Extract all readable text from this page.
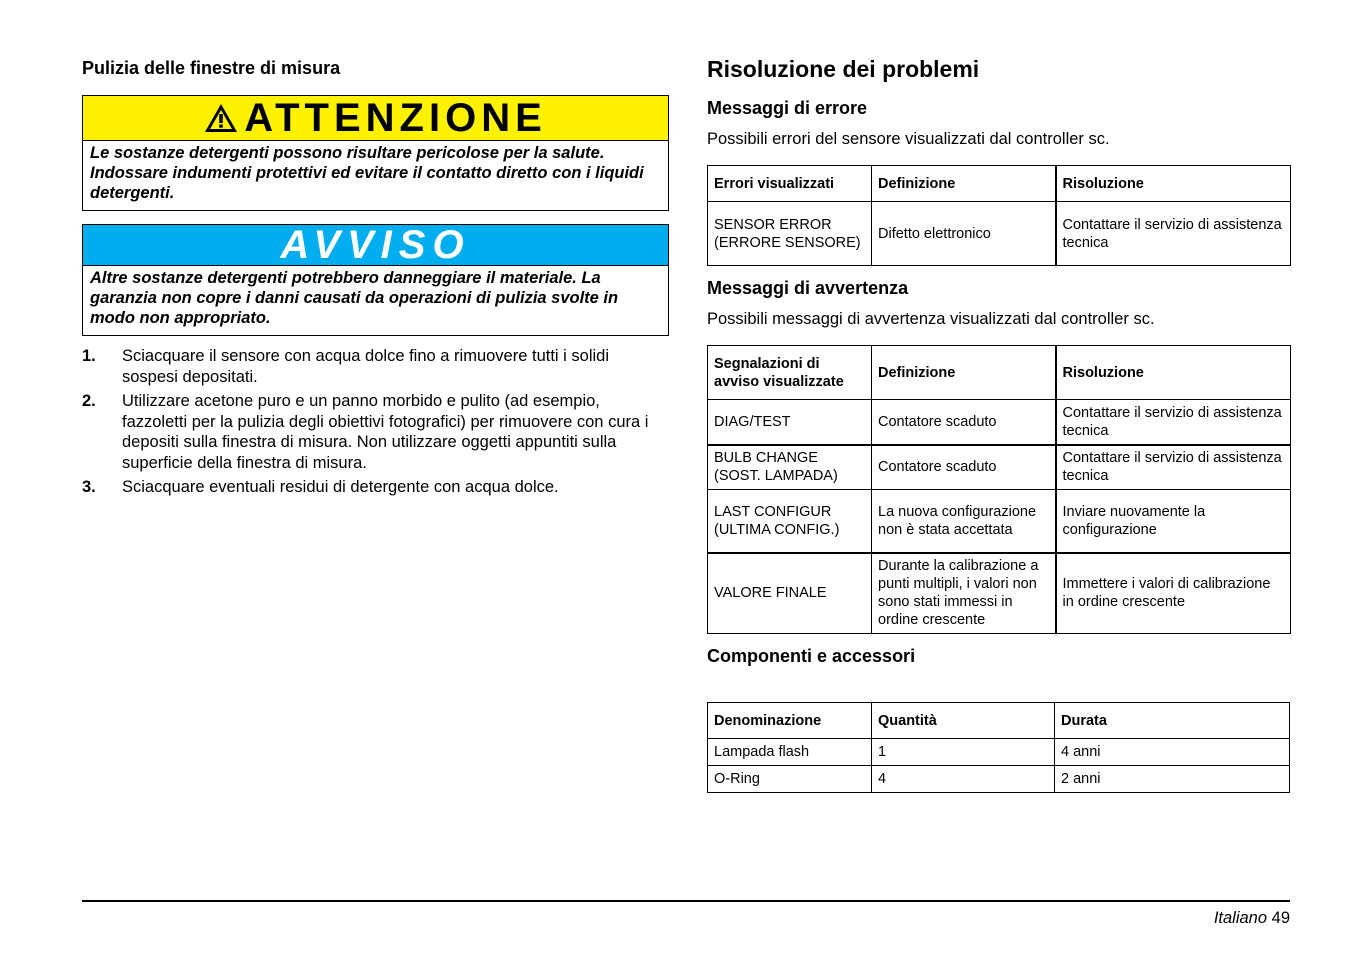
Pulizia delle finestre di misura
ATTENZIONE
Le sostanze detergenti possono risultare pericolose per la salute. Indossare indumenti protettivi ed evitare il contatto diretto con i liquidi detergenti.
AVVISO
Altre sostanze detergenti potrebbero danneggiare il materiale. La garanzia non copre i danni causati da operazioni di pulizia svolte in modo non appropriato.
1.	Sciacquare il sensore con acqua dolce fino a rimuovere tutti i solidi sospesi depositati.
2.	Utilizzare acetone puro e un panno morbido e pulito (ad esempio, fazzoletti per la pulizia degli obiettivi fotografici) per rimuovere con cura i depositi sulla finestra di misura. Non utilizzare oggetti appuntiti sulla superficie della finestra di misura.
3.	Sciacquare eventuali residui di detergente con acqua dolce.
Risoluzione dei problemi
Messaggi di errore
Possibili errori del sensore visualizzati dal controller sc.
Errori visualizzati	Definizione	Risoluzione
SENSOR ERROR (ERRORE SENSORE)	Difetto elettronico	Contattare il servizio di assistenza tecnica
Messaggi di avvertenza
Possibili messaggi di avvertenza visualizzati dal controller sc.
Segnalazioni di avviso visualizzate	Definizione	Risoluzione
DIAG/TEST	Contatore scaduto	Contattare il servizio di assistenza tecnica
BULB CHANGE (SOST. LAMPADA)	Contatore scaduto	Contattare il servizio di assistenza tecnica
LAST CONFIGUR (ULTIMA CONFIG.)	La nuova configurazione non è stata accettata	Inviare nuovamente la configurazione
VALORE FINALE	Durante la calibrazione a punti multipli, i valori non sono stati immessi in ordine crescente	Immettere i valori di calibrazione in ordine crescente
Componenti e accessori
Denominazione	Quantità	Durata
Lampada flash	1	4 anni
O-Ring	4	2 anni
Italiano 49
